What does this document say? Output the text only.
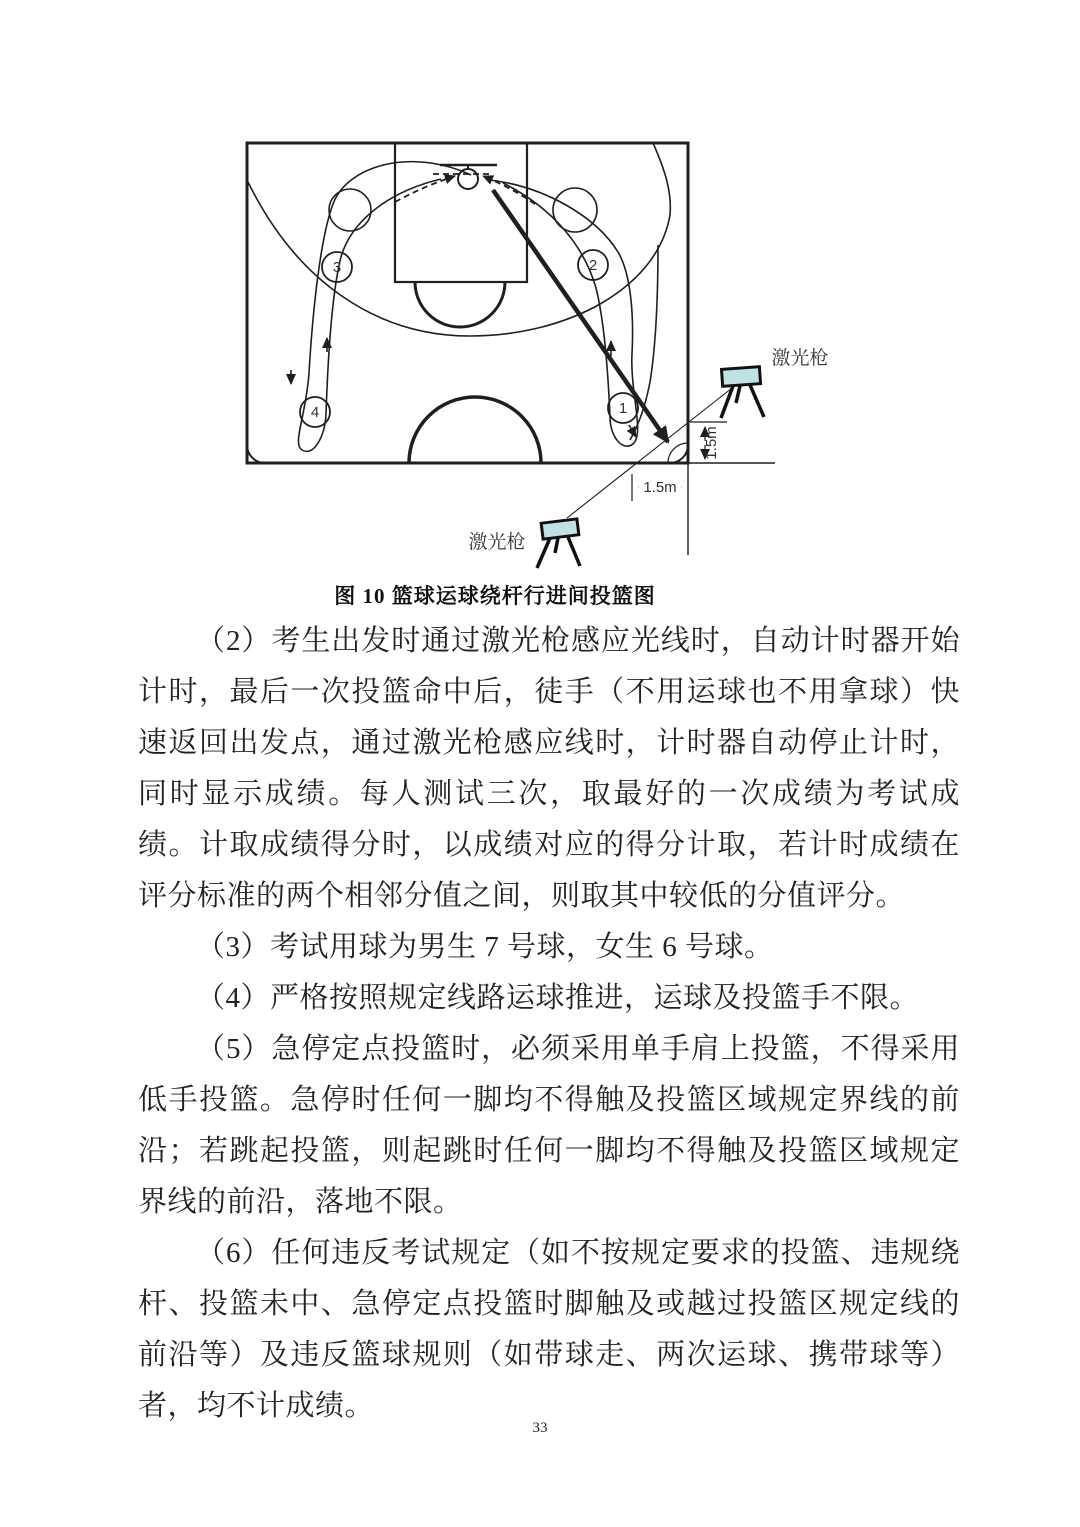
3	2
4	1
1.5m
1.5m
激光枪
激光枪
图 10 篮球运球绕杆行进间投篮图

（2）考生出发时通过激光枪感应光线时，自动计时器开始计时，最后一次投篮命中后，徒手（不用运球也不用拿球）快速返回出发点，通过激光枪感应线时，计时器自动停止计时，同时显示成绩。每人测试三次，取最好的一次成绩为考试成绩。计取成绩得分时，以成绩对应的得分计取，若计时成绩在评分标准的两个相邻分值之间，则取其中较低的分值评分。

（3）考试用球为男生 7 号球，女生 6 号球。

（4）严格按照规定线路运球推进，运球及投篮手不限。

（5）急停定点投篮时，必须采用单手肩上投篮，不得采用低手投篮。急停时任何一脚均不得触及投篮区域规定界线的前沿；若跳起投篮，则起跳时任何一脚均不得触及投篮区域规定界线的前沿，落地不限。

（6）任何违反考试规定（如不按规定要求的投篮、违规绕杆、投篮未中、急停定点投篮时脚触及或越过投篮区规定线的前沿等）及违反篮球规则（如带球走、两次运球、携带球等）者，均不计成绩。

33
